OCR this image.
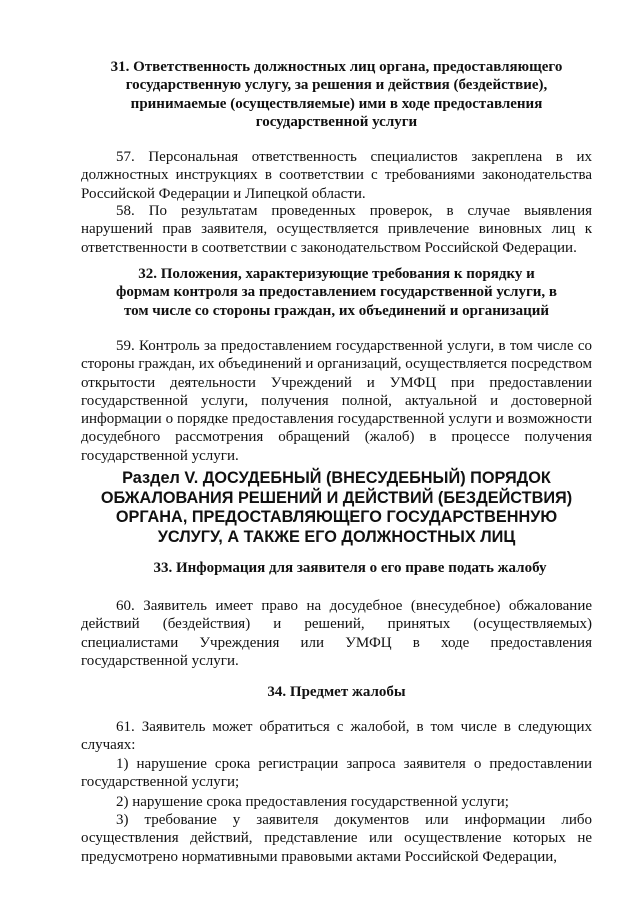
31. Ответственность должностных лиц органа, предоставляющего государственную услугу, за решения и действия (бездействие), принимаемые (осуществляемые) ими в ходе предоставления государственной услуги
57. Персональная ответственность специалистов закреплена в их должностных инструкциях в соответствии с требованиями законодательства Российской Федерации и Липецкой области.
58. По результатам проведенных проверок, в случае выявления нарушений прав заявителя, осуществляется привлечение виновных лиц к ответственности в соответствии с законодательством Российской Федерации.
32. Положения, характеризующие требования к порядку и формам контроля за предоставлением государственной услуги, в том числе со стороны граждан, их объединений и организаций
59. Контроль за предоставлением государственной услуги, в том числе со стороны граждан, их объединений и организаций, осуществляется посредством открытости деятельности Учреждений и УМФЦ при предоставлении государственной услуги, получения полной, актуальной и достоверной информации о порядке предоставления государственной услуги и возможности досудебного рассмотрения обращений (жалоб) в процессе получения государственной услуги.
Раздел V. ДОСУДЕБНЫЙ (ВНЕСУДЕБНЫЙ) ПОРЯДОК ОБЖАЛОВАНИЯ РЕШЕНИЙ И ДЕЙСТВИЙ (БЕЗДЕЙСТВИЯ) ОРГАНА, ПРЕДОСТАВЛЯЮЩЕГО ГОСУДАРСТВЕННУЮ УСЛУГУ, А ТАКЖЕ ЕГО ДОЛЖНОСТНЫХ ЛИЦ
33. Информация для заявителя о его праве подать жалобу
60. Заявитель имеет право на досудебное (внесудебное) обжалование действий (бездействия) и решений, принятых (осуществляемых) специалистами Учреждения или УМФЦ в ходе предоставления государственной услуги.
34. Предмет жалобы
61. Заявитель может обратиться с жалобой, в том числе в следующих случаях:
1) нарушение срока регистрации запроса заявителя о предоставлении государственной услуги;
2) нарушение срока предоставления государственной услуги;
3) требование у заявителя документов или информации либо осуществления действий, представление или осуществление которых не предусмотрено нормативными правовыми актами Российской Федерации,
